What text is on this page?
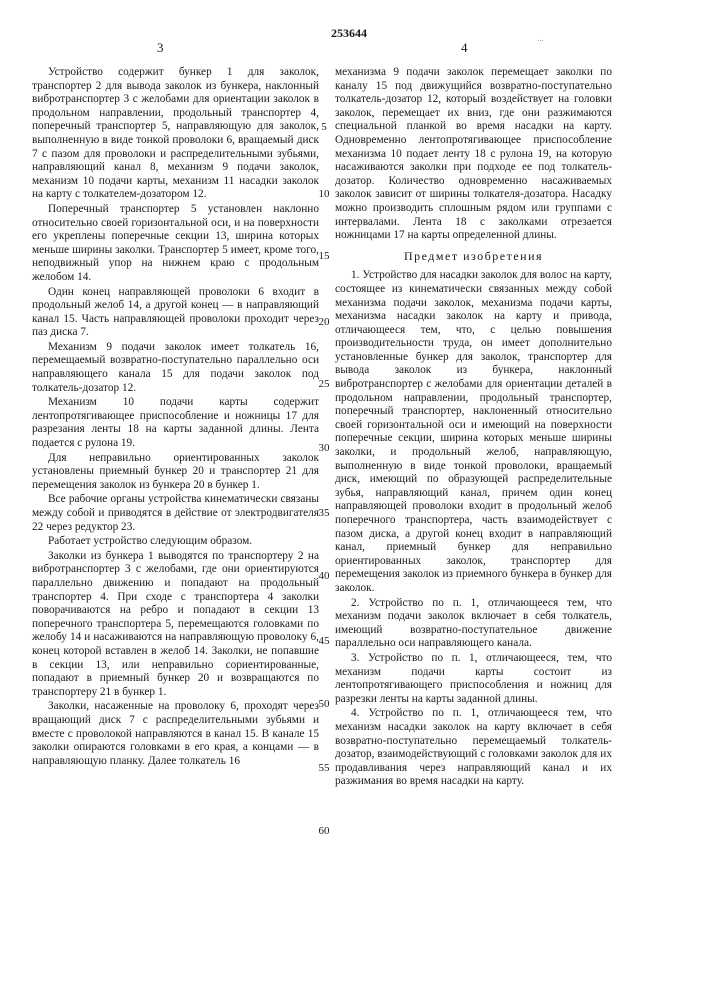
3
253644
4
...

Устройство содержит бункер 1 для заколок, транспортер 2 для вывода заколок из бункера, наклонный вибротранспортер 3 с желобами для ориентации заколок в продольном направлении, продольный транспортер 4, поперечный транспортер 5, направляющую для заколок, выполненную в виде тонкой проволоки 6, вращаемый диск 7 с пазом для проволоки и распределительными зубьями, направляющий канал 8, механизм 9 подачи заколок, механизм 10 подачи карты, механизм 11 насадки заколок на карту с толкателем-дозатором 12.

Поперечный транспортер 5 установлен наклонно относительно своей горизонтальной оси, и на поверхности его укреплены поперечные секции 13, ширина которых меньше ширины заколки. Транспортер 5 имеет, кроме того, неподвижный упор на нижнем краю с продольным желобом 14.

Один конец направляющей проволоки 6 входит в продольный желоб 14, а другой конец — в направляющий канал 15. Часть направляющей проволоки проходит через паз диска 7.

Механизм 9 подачи заколок имеет толкатель 16, перемещаемый возвратно-поступательно параллельно оси направляющего канала 15 для подачи заколок под толкатель-дозатор 12.

Механизм 10 подачи карты содержит лентопротягивающее приспособление и ножницы 17 для разрезания ленты 18 на карты заданной длины. Лента подается с рулона 19.

Для неправильно ориентированных заколок установлены приемный бункер 20 и транспортер 21 для перемещения заколок из бункера 20 в бункер 1.

Все рабочие органы устройства кинематически связаны между собой и приводятся в действие от электродвигателя 22 через редуктор 23.

Работает устройство следующим образом.

Заколки из бункера 1 выводятся по транспортеру 2 на вибротранспортер 3 с желобами, где они ориентируются параллельно движению и попадают на продольный транспортер 4. При сходе с транспортера 4 заколки поворачиваются на ребро и попадают в секции 13 поперечного транспортера 5, перемещаются головками по желобу 14 и насаживаются на направляющую проволоку 6, конец которой вставлен в желоб 14. Заколки, не попавшие в секции 13, или неправильно сориентированные, попадают в приемный бункер 20 и возвращаются по транспортеру 21 в бункер 1.

Заколки, насаженные на проволоку 6, проходят через вращающий диск 7 с распределительными зубьями и вместе с проволокой направляются в канал 15. В канале 15 заколки опираются головками в его края, а концами — в направляющую планку. Далее толкатель 16

5
10
15
20
25
30
35
40
45
50
55
60

механизма 9 подачи заколок перемещает заколки по каналу 15 под движущийся возвратно-поступательно толкатель-дозатор 12, который воздействует на головки заколок, перемещает их вниз, где они разжимаются специальной планкой во время насадки на карту. Одновременно лентопротягивающее приспособление механизма 10 подает ленту 18 с рулона 19, на которую насаживаются заколки при подходе ее под толкатель-дозатор. Количество одновременно насаживаемых заколок зависит от ширины толкателя-дозатора. Насадку можно производить сплошным рядом или группами с интервалами. Лента 18 с заколками отрезается ножницами 17 на карты определенной длины.

Предмет изобретения

1. Устройство для насадки заколок для волос на карту, состоящее из кинематически связанных между собой механизма подачи заколок, механизма подачи карты, механизма насадки заколок на карту и привода, отличающееся тем, что, с целью повышения производительности труда, он имеет дополнительно установленные бункер для заколок, транспортер для вывода заколок из бункера, наклонный вибротранспортер с желобами для ориентации деталей в продольном направлении, продольный транспортер, поперечный транспортер, наклоненный относительно своей горизонтальной оси и имеющий на поверхности поперечные секции, ширина которых меньше ширины заколки, и продольный желоб, направляющую, выполненную в виде тонкой проволоки, вращаемый диск, имеющий по образующей распределительные зубья, направляющий канал, причем один конец направляющей проволоки входит в продольный желоб поперечного транспортера, часть взаимодействует с пазом диска, а другой конец входит в направляющий канал, приемный бункер для неправильно ориентированных заколок, транспортер для перемещения заколок из приемного бункера в бункер для заколок.

2. Устройство по п. 1, отличающееся тем, что механизм подачи заколок включает в себя толкатель, имеющий возвратно-поступательное движение параллельно оси направляющего канала.

3. Устройство по п. 1, отличающееся, тем, что механизм подачи карты состоит из лентопротягивающего приспособления и ножниц для разрезки ленты на карты заданной длины.

4. Устройство по п. 1, отличающееся тем, что механизм насадки заколок на карту включает в себя возвратно-поступательно перемещаемый толкатель-дозатор, взаимодействующий с головками заколок для их продавливания через направляющий канал и их разжимания во время насадки на карту.
